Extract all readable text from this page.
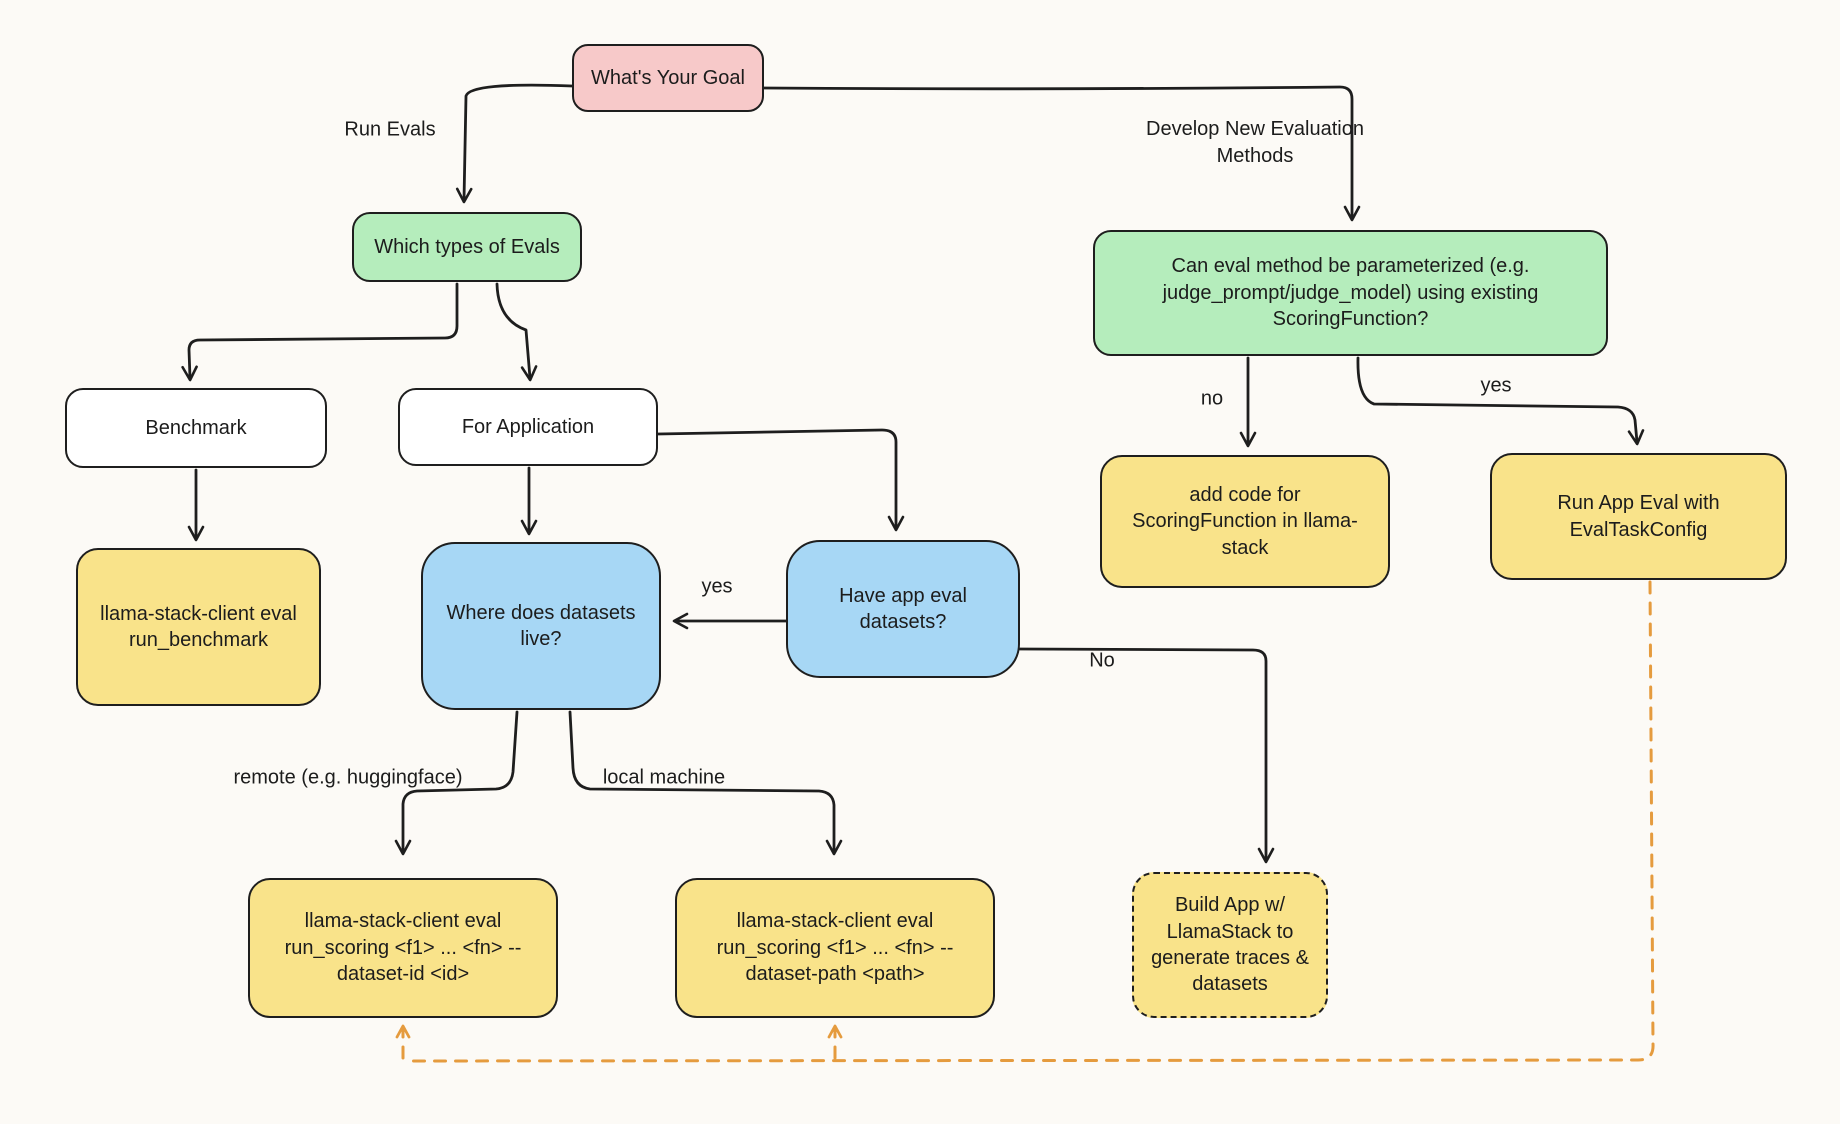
What's Your Goal
Which types of Evals
Benchmark	For Application
llama-stack-client eval run_benchmark
Where does datasets live?
Have app eval datasets?
Can eval method be parameterized (e.g. judge_prompt/judge_model) using existing ScoringFunction?
add code for ScoringFunction in llama-stack
Run App Eval with EvalTaskConfig
llama-stack-client eval run_scoring <f1> ... <fn> --dataset-id <id>
llama-stack-client eval run_scoring <f1> ... <fn> --dataset-path <path>
Build App w/ LlamaStack to generate traces & datasets
Run Evals	Develop New Evaluation Methods
no
yes
yes
No
remote (e.g. huggingface)	local machine
